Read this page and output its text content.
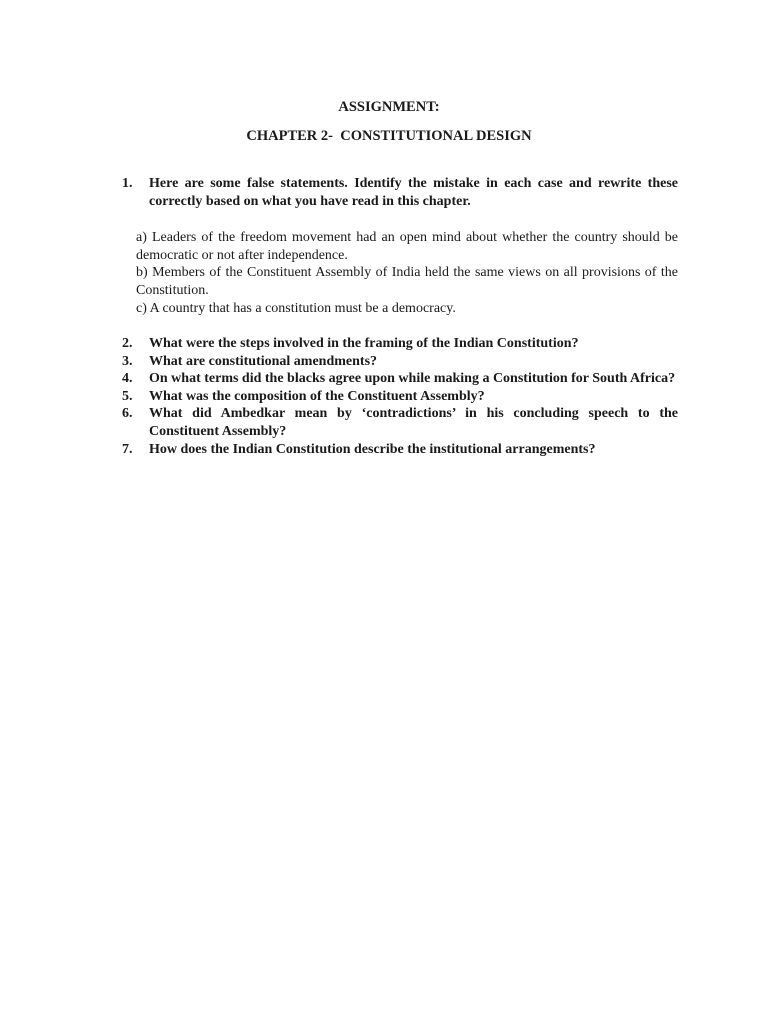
ASSIGNMENT:
CHAPTER 2-  CONSTITUTIONAL DESIGN
1.	Here are some false statements. Identify the mistake in each case and rewrite these correctly based on what you have read in this chapter.
a) Leaders of the freedom movement had an open mind about whether the country should be democratic or not after independence.
b) Members of the Constituent Assembly of India held the same views on all provisions of the Constitution.
c) A country that has a constitution must be a democracy.
2.	What were the steps involved in the framing of the Indian Constitution?
3.	What are constitutional amendments?
4.	On what terms did the blacks agree upon while making a Constitution for South Africa?
5.	What was the composition of the Constituent Assembly?
6.	What did Ambedkar mean by ‘contradictions’ in his concluding speech to the Constituent Assembly?
7.	How does the Indian Constitution describe the institutional arrangements?
